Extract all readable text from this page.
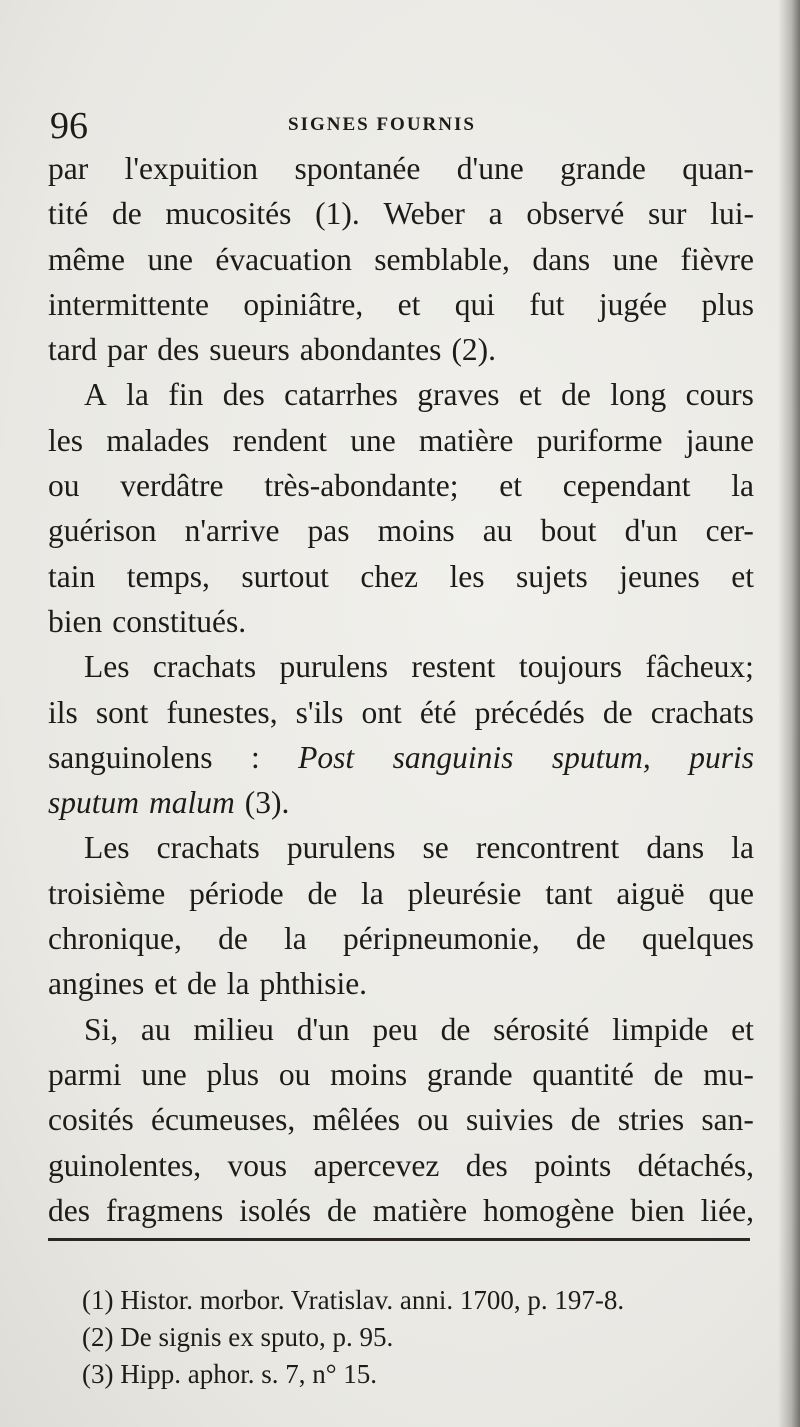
96	SIGNES FOURNIS
par l'expuition spontanée d'une grande quan-
tité de mucosités (1). Weber a observé sur lui-
même une évacuation semblable, dans une fièvre
intermittente opiniâtre, et qui fut jugée plus
tard par des sueurs abondantes (2).
A la fin des catarrhes graves et de long cours
les malades rendent une matière puriforme jaune
ou verdâtre très-abondante; et cependant la
guérison n'arrive pas moins au bout d'un cer-
tain temps, surtout chez les sujets jeunes et
bien constitués.
Les crachats purulens restent toujours fâcheux;
ils sont funestes, s'ils ont été précédés de crachats
sanguinolens : Post sanguinis sputum, puris
sputum malum (3).
Les crachats purulens se rencontrent dans la
troisième période de la pleurésie tant aiguë que
chronique, de la péripneumonie, de quelques
angines et de la phthisie.
Si, au milieu d'un peu de sérosité limpide et
parmi une plus ou moins grande quantité de mu-
cosités écumeuses, mêlées ou suivies de stries san-
guinolentes, vous apercevez des points détachés,
des fragmens isolés de matière homogène bien liée,
(1) Histor. morbor. Vratislav. anni. 1700, p. 197-8.
(2) De signis ex sputo, p. 95.
(3) Hipp. aphor. s. 7, n° 15.
